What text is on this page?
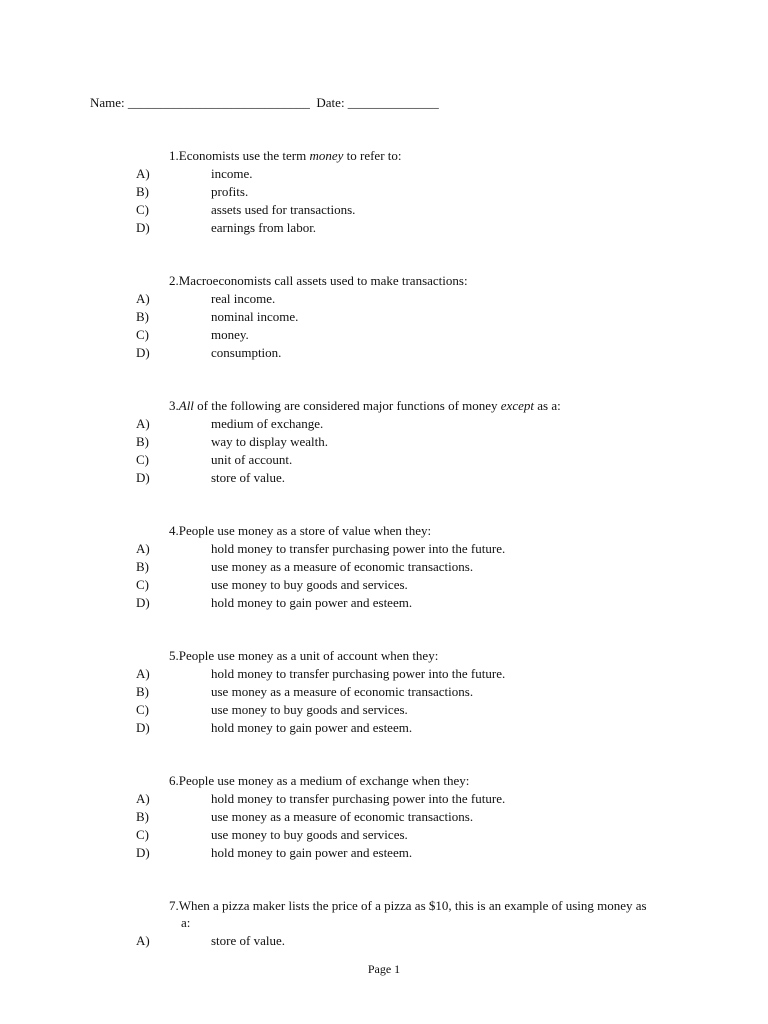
Name: ____________________________  Date: ______________
1.Economists use the term money to refer to:
A)	income.
B)	profits.
C)	assets used for transactions.
D)	earnings from labor.
2.Macroeconomists call assets used to make transactions:
A)	real income.
B)	nominal income.
C)	money.
D)	consumption.
3.All of the following are considered major functions of money except as a:
A)	medium of exchange.
B)	way to display wealth.
C)	unit of account.
D)	store of value.
4.People use money as a store of value when they:
A)	hold money to transfer purchasing power into the future.
B)	use money as a measure of economic transactions.
C)	use money to buy goods and services.
D)	hold money to gain power and esteem.
5.People use money as a unit of account when they:
A)	hold money to transfer purchasing power into the future.
B)	use money as a measure of economic transactions.
C)	use money to buy goods and services.
D)	hold money to gain power and esteem.
6.People use money as a medium of exchange when they:
A)	hold money to transfer purchasing power into the future.
B)	use money as a measure of economic transactions.
C)	use money to buy goods and services.
D)	hold money to gain power and esteem.
7.When a pizza maker lists the price of a pizza as $10, this is an example of using money as
a:
A)	store of value.
Page 1
